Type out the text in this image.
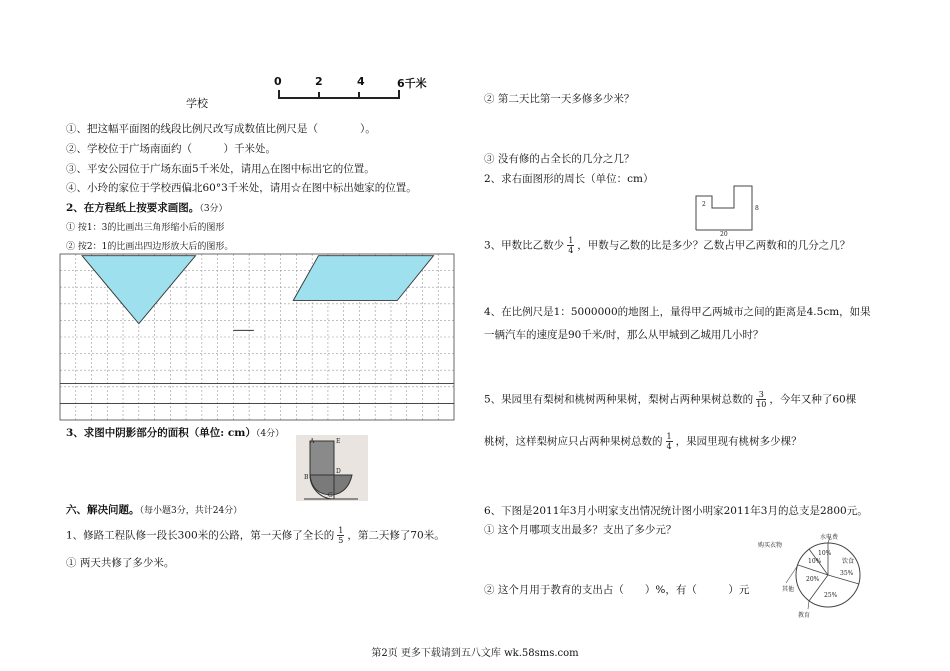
0	2	4	6千米
学校
①、把这幅平面图的线段比例尺改写成数值比例尺是（　　　　）。
②、学校位于广场南面约（　　　）千米处。
③、平安公园位于广场东面5千米处，请用△在图中标出它的位置。
④、小玲的家位于学校西偏北60°3千米处，请用☆在图中标出她家的位置。
2、在方程纸上按要求画图。（3分）
① 按1：3的比画出三角形缩小后的图形
② 按2：1的比画出四边形放大后的图形。
3、求图中阴影部分的面积（单位: cm）（4分）
A	E
D
B
C
六、解决问题。（每小题3分，共计24分）
1、修路工程队修一段长300米的公路，第一天修了全长的 $\frac{1}{5}$ ，第二天修了70米。
① 两天共修了多少米。
② 第二天比第一天多修多少米？
③ 没有修的占全长的几分之几？
2、求右面图形的周长（单位：cm）
2
8
20
3、甲数比乙数少 $\frac{1}{4}$ ，甲数与乙数的比是多少？乙数占甲乙两数和的几分之几？
4、在比例尺是1：5000000的地图上，量得甲乙两城市之间的距离是4.5cm，如果
一辆汽车的速度是90千米/时，那么从甲城到乙城用几小时？
5、果园里有梨树和桃树两种果树，梨树占两种果树总数的 $\frac{3}{10}$ ，今年又种了60棵
桃树，这样梨树应只占两种果树总数的 $\frac{1}{4}$ ，果园里现有桃树多少棵？
6、下图是2011年3月小明家支出情况统计图小明家2011年3月的总支是2800元。
① 这个月哪项支出最多？支出了多少元？
② 这个月用于教育的支出占（　　）%，有（　　　）元
水电费
购买衣物
饮食
其他
教育
10%
10%
35%
20%
25%
第2页 更多下载请到五八文库 wk.58sms.com
